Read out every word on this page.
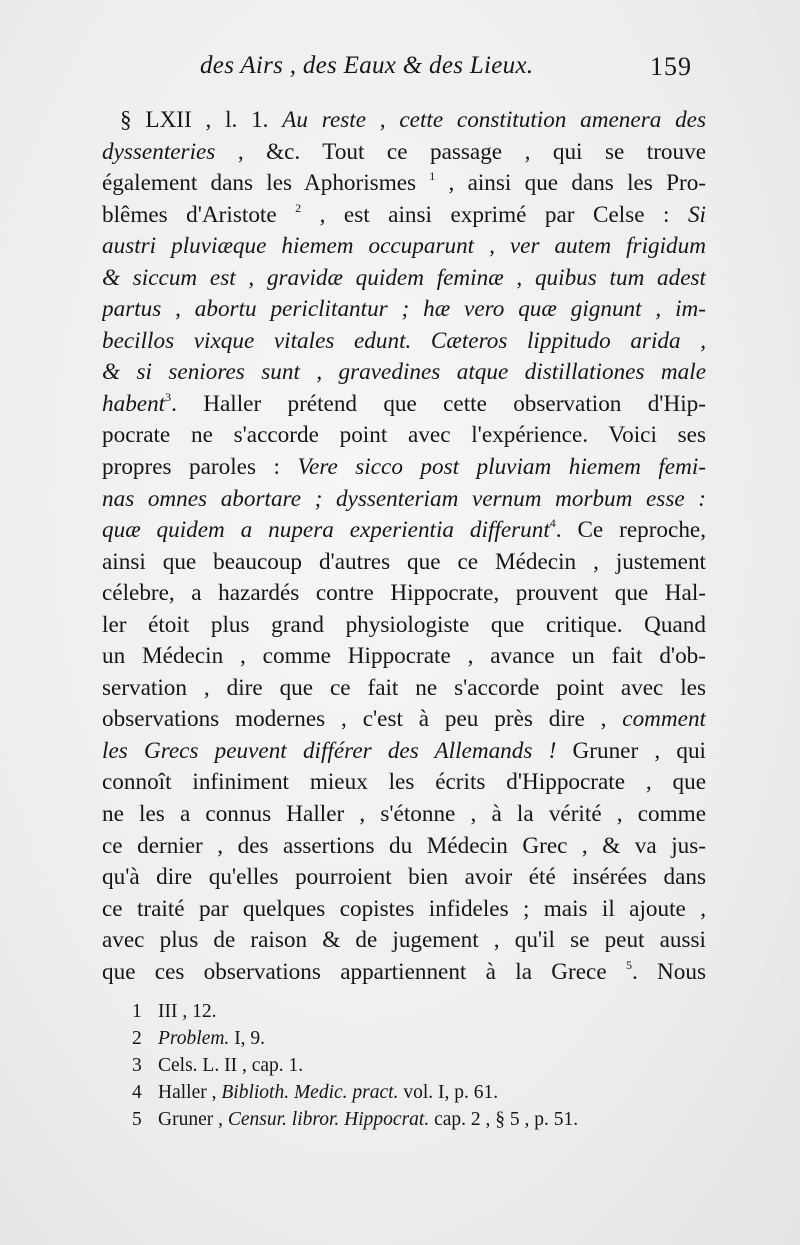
des Airs , des Eaux & des Lieux.	159
§ LXII , l. 1. Au reste , cette constitution amenera des
dyssenteries , &c. Tout ce passage , qui se trouve
également dans les Aphorismes $^1$ , ainsi que dans les Pro-
blêmes d'Aristote $^2$ , est ainsi exprimé par Celse : Si
austri pluviæque hiemem occuparunt , ver autem frigidum
& siccum est , gravidæ quidem feminæ , quibus tum adest
partus , abortu periclitantur ; hæ vero quæ gignunt , im-
becillos vixque vitales edunt. Cæteros lippitudo arida ,
& si seniores sunt , gravedines atque distillationes male
habent$^3$. Haller prétend que cette observation d'Hip-
pocrate ne s'accorde point avec l'expérience. Voici ses
propres paroles : Vere sicco post pluviam hiemem femi-
nas omnes abortare ; dyssenteriam vernum morbum esse :
quæ quidem a nupera experientia differunt$^4$. Ce reproche,
ainsi que beaucoup d'autres que ce Médecin , justement
célebre, a hazardés contre Hippocrate, prouvent que Hal-
ler étoit plus grand physiologiste que critique. Quand
un Médecin , comme Hippocrate , avance un fait d'ob-
servation , dire que ce fait ne s'accorde point avec les
observations modernes , c'est à peu près dire , comment
les Grecs peuvent différer des Allemands ! Gruner , qui
connoît infiniment mieux les écrits d'Hippocrate , que
ne les a connus Haller , s'étonne , à la vérité , comme
ce dernier , des assertions du Médecin Grec , & va jus-
qu'à dire qu'elles pourroient bien avoir été insérées dans
ce traité par quelques copistes infideles ; mais il ajoute ,
avec plus de raison & de jugement , qu'il se peut aussi
que ces observations appartiennent à la Grece $^5$. Nous
1 III , 12.
2 Problem. I, 9.
3 Cels. L. II , cap. 1.
4 Haller , Biblioth. Medic. pract. vol. I, p. 61.
5 Gruner , Censur. libror. Hippocrat. cap. 2 , § 5 , p. 51.
